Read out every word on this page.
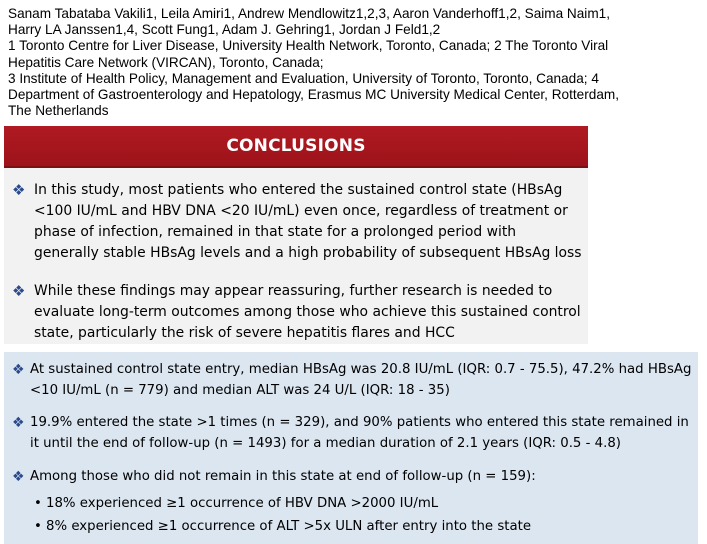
Sanam Tabataba Vakili1, Leila Amiri1, Andrew Mendlowitz1,2,3, Aaron Vanderhoff1,2, Saima Naim1,
Harry LA Janssen1,4, Scott Fung1, Adam J. Gehring1, Jordan J Feld1,2
1 Toronto Centre for Liver Disease, University Health Network, Toronto, Canada; 2 The Toronto Viral
Hepatitis Care Network (VIRCAN), Toronto, Canada;
3 Institute of Health Policy, Management and Evaluation, University of Toronto, Toronto, Canada; 4
Department of Gastroenterology and Hepatology, Erasmus MC University Medical Center, Rotterdam,
The Netherlands
CONCLUSIONS
❖ In this study, most patients who entered the sustained control state (HBsAg <100 IU/mL and HBV DNA <20 IU/mL) even once, regardless of treatment or phase of infection, remained in that state for a prolonged period with generally stable HBsAg levels and a high probability of subsequent HBsAg loss
❖ While these findings may appear reassuring, further research is needed to evaluate long-term outcomes among those who achieve this sustained control state, particularly the risk of severe hepatitis flares and HCC
❖ At sustained control state entry, median HBsAg was 20.8 IU/mL (IQR: 0.7 - 75.5), 47.2% had HBsAg <10 IU/mL (n = 779) and median ALT was 24 U/L (IQR: 18 - 35)
❖ 19.9% entered the state >1 times (n = 329), and 90% patients who entered this state remained in it until the end of follow-up (n = 1493) for a median duration of 2.1 years (IQR: 0.5 - 4.8)
❖ Among those who did not remain in this state at end of follow-up (n = 159):
• 18% experienced ≥1 occurrence of HBV DNA >2000 IU/mL
• 8% experienced ≥1 occurrence of ALT >5x ULN after entry into the state
